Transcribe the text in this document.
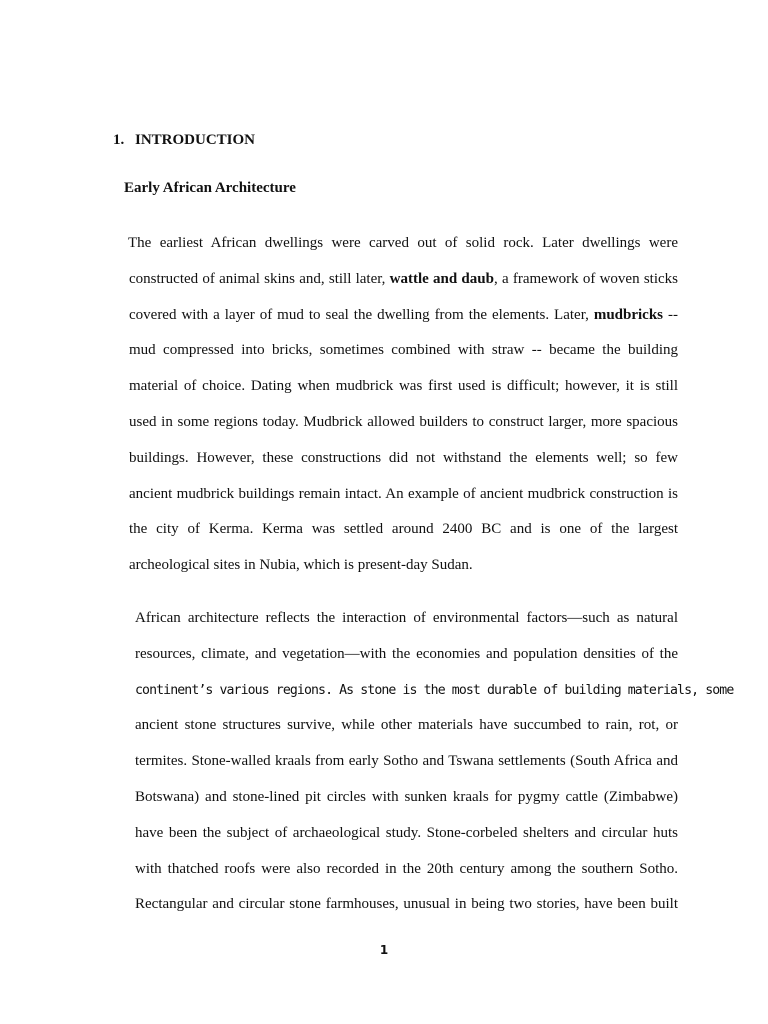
1. INTRODUCTION
Early African Architecture
The earliest African dwellings were carved out of solid rock. Later dwellings were
constructed of animal skins and, still later, wattle and daub, a framework of woven sticks
covered with a layer of mud to seal the dwelling from the elements. Later, mudbricks --
mud compressed into bricks, sometimes combined with straw -- became the building
material of choice. Dating when mudbrick was first used is difficult; however, it is still
used in some regions today. Mudbrick allowed builders to construct larger, more spacious
buildings. However, these constructions did not withstand the elements well; so few
ancient mudbrick buildings remain intact. An example of ancient mudbrick construction is
the city of Kerma. Kerma was settled around 2400 BC and is one of the largest
archeological sites in Nubia, which is present-day Sudan.
African architecture reflects the interaction of environmental factors—such as natural
resources, climate, and vegetation—with the economies and population densities of the
continent’s various regions. As stone is the most durable of building materials, some
ancient stone structures survive, while other materials have succumbed to rain, rot, or
termites. Stone-walled kraals from early Sotho and Tswana settlements (South Africa and
Botswana) and stone-lined pit circles with sunken kraals for pygmy cattle (Zimbabwe)
have been the subject of archaeological study. Stone-corbeled shelters and circular huts
with thatched roofs were also recorded in the 20th century among the southern Sotho.
Rectangular and circular stone farmhouses, unusual in being two stories, have been built
1
